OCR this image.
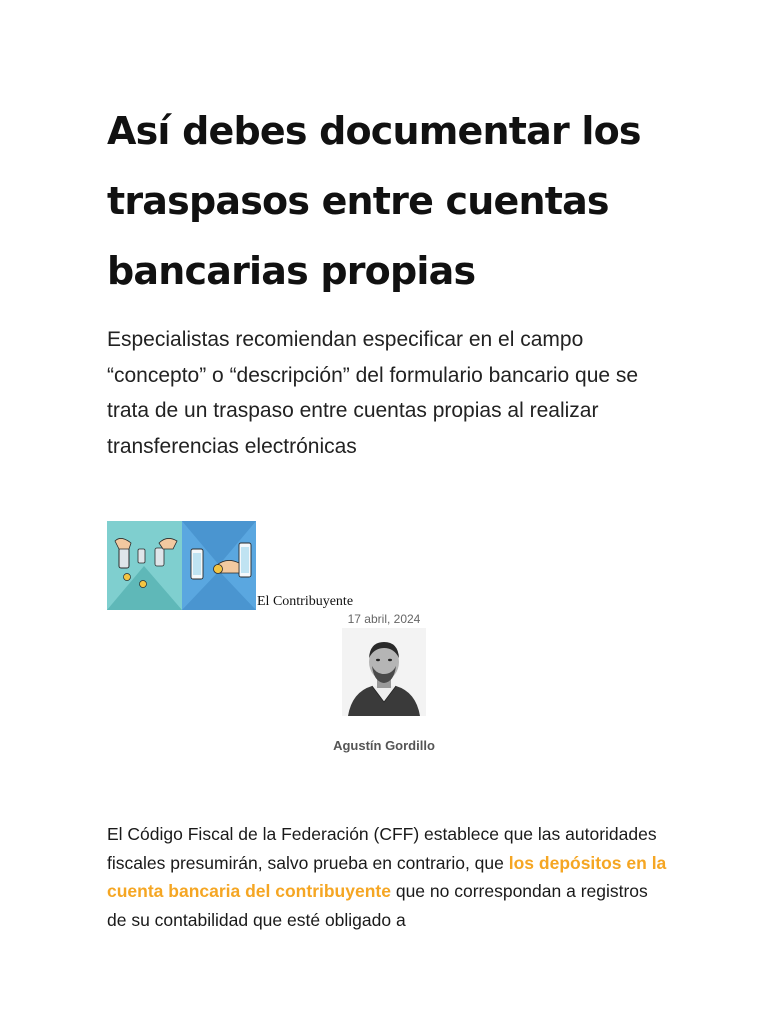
Así debes documentar los traspasos entre cuentas bancarias propias

Especialistas recomiendan especificar en el campo “concepto” o “descripción” del formulario bancario que se trata de un traspaso entre cuentas propias al realizar transferencias electrónicas

El Contribuyente
17 abril, 2024
Agustín Gordillo

El Código Fiscal de la Federación (CFF) establece que las autoridades fiscales presumirán, salvo prueba en contrario, que los depósitos en la cuenta bancaria del contribuyente que no correspondan a registros de su contabilidad que esté obligado a
